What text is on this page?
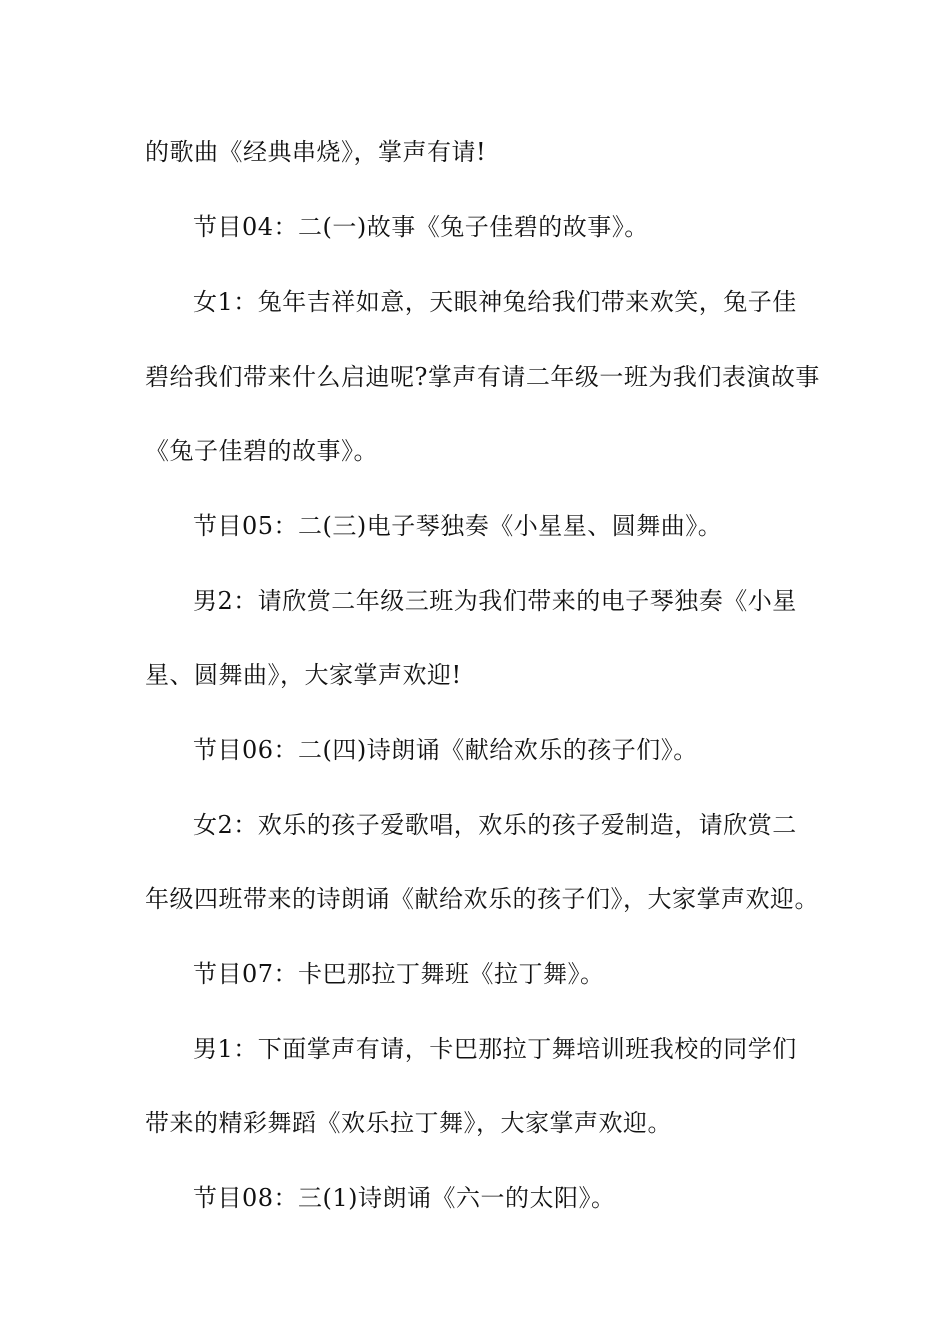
的歌曲《经典串烧》，掌声有请!
节目04：二(一)故事《兔子佳碧的故事》。
女1：兔年吉祥如意，天眼神兔给我们带来欢笑，兔子佳
碧给我们带来什么启迪呢?掌声有请二年级一班为我们表演故事
《兔子佳碧的故事》。
节目05：二(三)电子琴独奏《小星星、圆舞曲》。
男2：请欣赏二年级三班为我们带来的电子琴独奏《小星
星、圆舞曲》，大家掌声欢迎!
节目06：二(四)诗朗诵《献给欢乐的孩子们》。
女2：欢乐的孩子爱歌唱，欢乐的孩子爱制造，请欣赏二
年级四班带来的诗朗诵《献给欢乐的孩子们》，大家掌声欢迎。
节目07：卡巴那拉丁舞班《拉丁舞》。
男1：下面掌声有请，卡巴那拉丁舞培训班我校的同学们
带来的精彩舞蹈《欢乐拉丁舞》，大家掌声欢迎。
节目08：三(1)诗朗诵《六一的太阳》。
